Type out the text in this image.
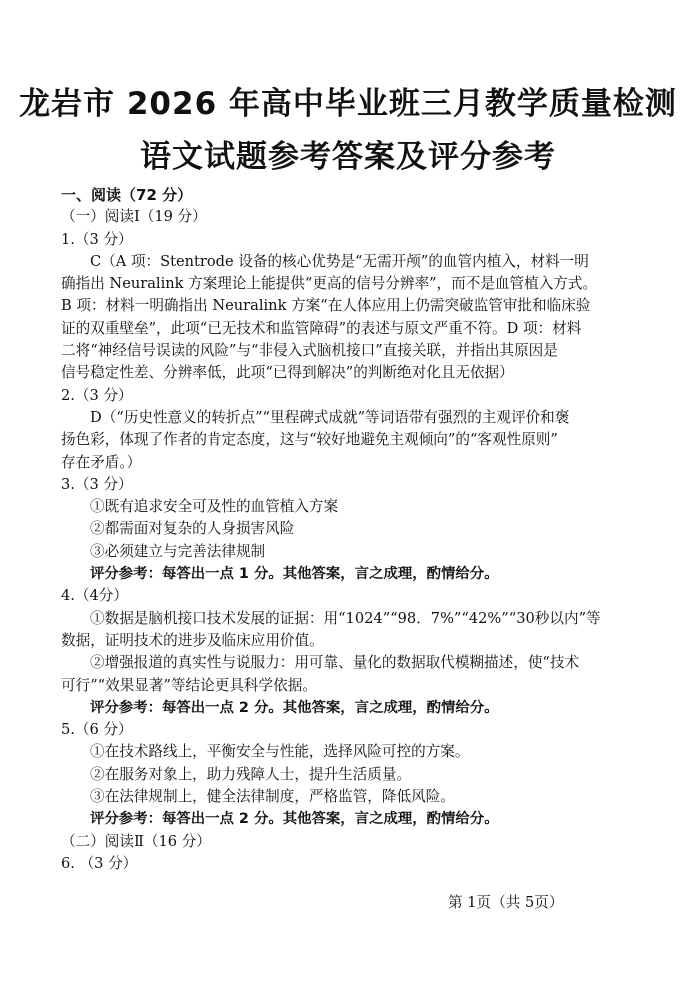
龙岩市 2026 年高中毕业班三月教学质量检测
语文试题参考答案及评分参考
一、阅读（72 分）
（一）阅读Ⅰ（19 分）
1.（3 分）
C（A 项：Stentrode 设备的核心优势是“无需开颅”的血管内植入，材料一明
确指出 Neuralink 方案理论上能提供“更高的信号分辨率”，而不是血管植入方式。
B 项：材料一明确指出 Neuralink 方案“在人体应用上仍需突破监管审批和临床验
证的双重壁垒”，此项“已无技术和监管障碍”的表述与原文严重不符。D 项：材料
二将“神经信号误读的风险”与“非侵入式脑机接口”直接关联，并指出其原因是
信号稳定性差、分辨率低，此项“已得到解决”的判断绝对化且无依据）
2.（3 分）
D（“历史性意义的转折点”“里程碑式成就”等词语带有强烈的主观评价和褒
扬色彩，体现了作者的肯定态度，这与“较好地避免主观倾向”的“客观性原则”
存在矛盾。）
3.（3 分）
①既有追求安全可及性的血管植入方案
②都需面对复杂的人身损害风险
③必须建立与完善法律规制
评分参考：每答出一点 1 分。其他答案，言之成理，酌情给分。
4.（4分）
①数据是脑机接口技术发展的证据：用“1024”“98．7%”“42%”“30秒以内”等
数据，证明技术的进步及临床应用价值。
②增强报道的真实性与说服力：用可靠、量化的数据取代模糊描述，使“技术
可行”“效果显著”等结论更具科学依据。
评分参考：每答出一点 2 分。其他答案，言之成理，酌情给分。
5.（6 分）
①在技术路线上，平衡安全与性能，选择风险可控的方案。
②在服务对象上，助力残障人士，提升生活质量。
③在法律规制上，健全法律制度，严格监管，降低风险。
评分参考：每答出一点 2 分。其他答案，言之成理，酌情给分。
（二）阅读Ⅱ（16 分）
6. （3 分）
第 1页（共 5页）
